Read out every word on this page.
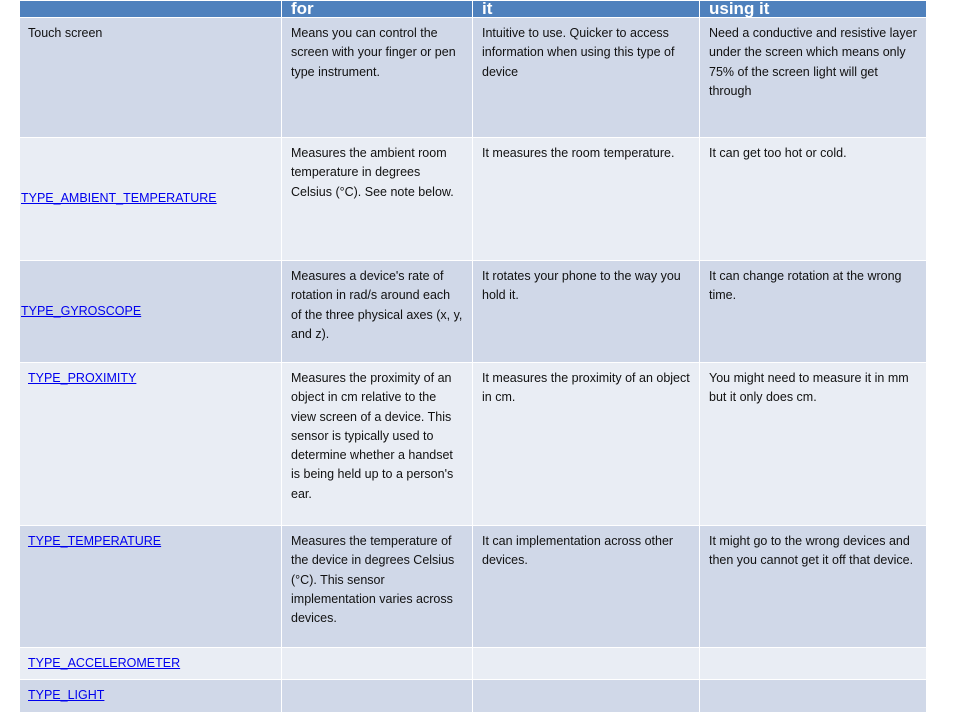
	for	it	using it
Touch screen	Means you can control the screen with your finger or pen type instrument.	Intuitive to use. Quicker to access information when using this type of device	Need a conductive and resistive layer under the screen which means only 75% of the screen light will get through
TYPE_AMBIENT_TEMPERATURE	Measures the ambient room temperature in degrees Celsius (°C). See note below.	It measures the room temperature.	It can get too hot or cold.
TYPE_GYROSCOPE	Measures a device's rate of rotation in rad/s around each of the three physical axes (x, y, and z).	It rotates your phone to the way you hold it.	It can change rotation at the wrong time.
TYPE_PROXIMITY	Measures the proximity of an object in cm relative to the view screen of a device. This sensor is typically used to determine whether a handset is being held up to a person's ear.	It measures the proximity of an object in cm.	You might need to measure it in mm but it only does cm.
TYPE_TEMPERATURE	Measures the temperature of the device in degrees Celsius (°C). This sensor implementation varies across devices.	It can implementation across other devices.	It might go to the wrong devices and then you cannot get it off that device.
TYPE_ACCELEROMETER			
TYPE_LIGHT			
